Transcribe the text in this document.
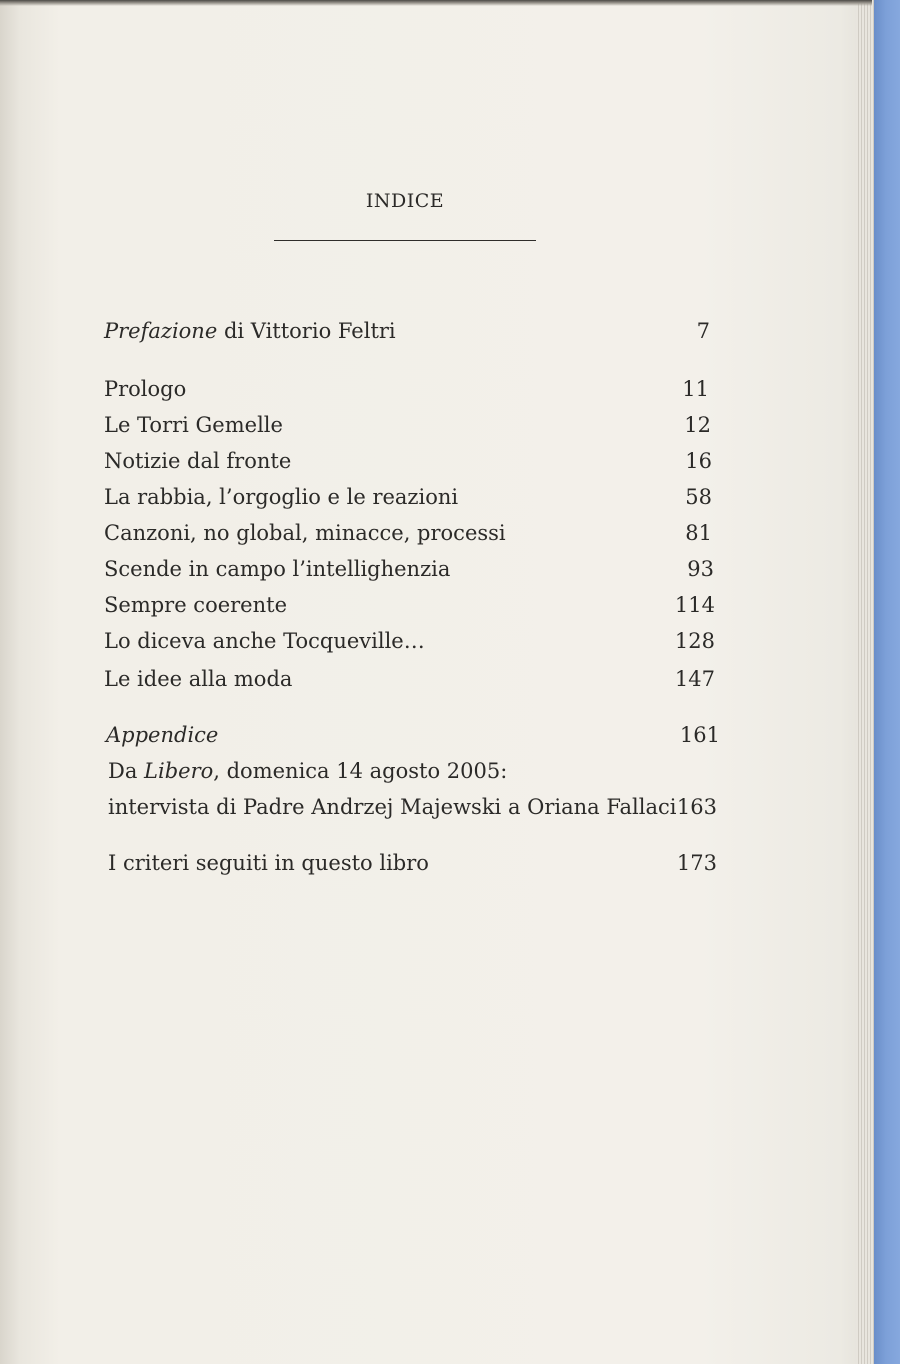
INDICE
Prefazione di Vittorio Feltri	7
Prologo	11
Le Torri Gemelle	12
Notizie dal fronte	16
La rabbia, l’orgoglio e le reazioni	58
Canzoni, no global, minacce, processi	81
Scende in campo l’intellighenzia	93
Sempre coerente	114
Lo diceva anche Tocqueville…	128
Le idee alla moda	147
Appendice	161
Da Libero, domenica 14 agosto 2005:
intervista di Padre Andrzej Majewski a Oriana Fallaci 163
I criteri seguiti in questo libro	173
